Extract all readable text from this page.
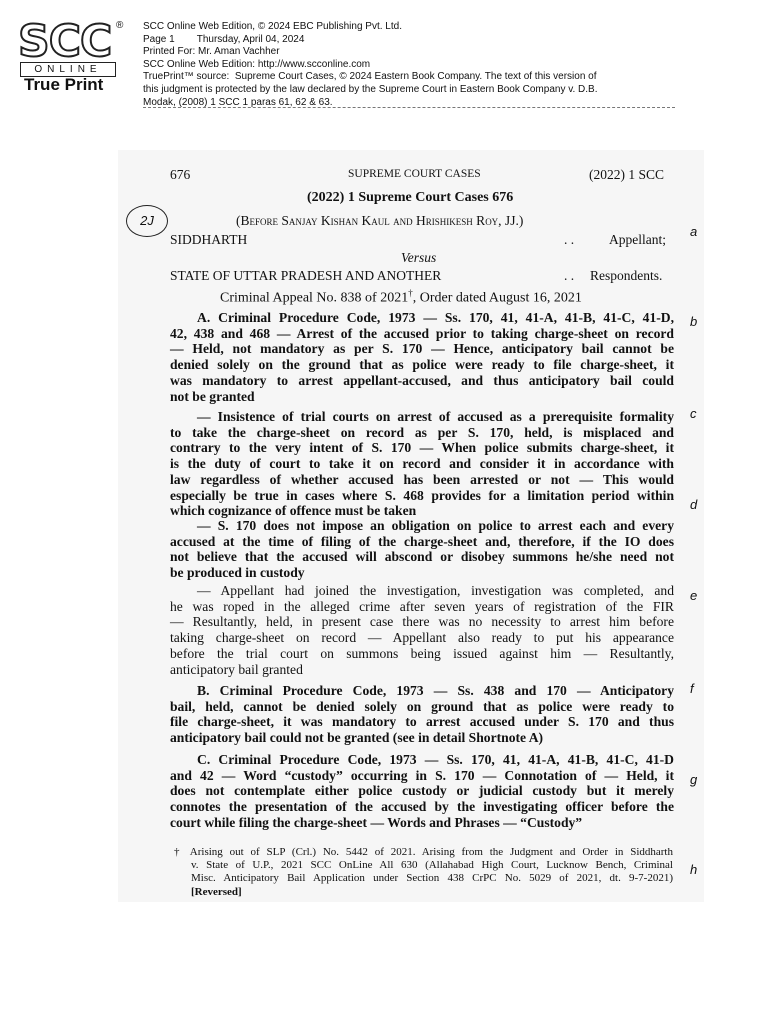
SCC ®
ONLINE
True Print
SCC Online Web Edition, © 2024 EBC Publishing Pvt. Ltd.
Page 1        Thursday, April 04, 2024
Printed For: Mr. Aman Vachher
SCC Online Web Edition: http://www.scconline.com
TruePrint™ source:  Supreme Court Cases, © 2024 Eastern Book Company. The text of this version of
this judgment is protected by the law declared by the Supreme Court in Eastern Book Company v. D.B.
Modak, (2008) 1 SCC 1 paras 61, 62 & 63.
676	SUPREME COURT CASES	(2022) 1 SCC
(2022) 1 Supreme Court Cases 676
2J	(Before Sanjay Kishan Kaul and Hrishikesh Roy, JJ.)
SIDDHARTH	. .	Appellant;
Versus
STATE OF UTTAR PRADESH AND ANOTHER	. . Respondents.
Criminal Appeal No. 838 of 2021†, Order dated August 16, 2021
a
b
c
d
e
f
g
h
A. Criminal Procedure Code, 1973 — Ss. 170, 41, 41-A, 41-B, 41-C, 41-D,
42, 438 and 468 — Arrest of the accused prior to taking charge-sheet on record
— Held, not mandatory as per S. 170 — Hence, anticipatory bail cannot be
denied solely on the ground that as police were ready to file charge-sheet, it
was mandatory to arrest appellant-accused, and thus anticipatory bail could
not be granted
— Insistence of trial courts on arrest of accused as a prerequisite formality
to take the charge-sheet on record as per S. 170, held, is misplaced and
contrary to the very intent of S. 170 — When police submits charge-sheet, it
is the duty of court to take it on record and consider it in accordance with
law regardless of whether accused has been arrested or not — This would
especially be true in cases where S. 468 provides for a limitation period within
which cognizance of offence must be taken
— S. 170 does not impose an obligation on police to arrest each and every
accused at the time of filing of the charge-sheet and, therefore, if the IO does
not believe that the accused will abscond or disobey summons he/she need not
be produced in custody
— Appellant had joined the investigation, investigation was completed, and
he was roped in the alleged crime after seven years of registration of the FIR
— Resultantly, held, in present case there was no necessity to arrest him before
taking charge-sheet on record — Appellant also ready to put his appearance
before the trial court on summons being issued against him — Resultantly,
anticipatory bail granted
B. Criminal Procedure Code, 1973 — Ss. 438 and 170 — Anticipatory
bail, held, cannot be denied solely on ground that as police were ready to
file charge-sheet, it was mandatory to arrest accused under S. 170 and thus
anticipatory bail could not be granted (see in detail Shortnote A)
C. Criminal Procedure Code, 1973 — Ss. 170, 41, 41-A, 41-B, 41-C, 41-D
and 42 — Word “custody” occurring in S. 170 — Connotation of — Held, it
does not contemplate either police custody or judicial custody but it merely
connotes the presentation of the accused by the investigating officer before the
court while filing the charge-sheet — Words and Phrases — “Custody”
† Arising out of SLP (Crl.) No. 5442 of 2021. Arising from the Judgment and Order in Siddharth
v. State of U.P., 2021 SCC OnLine All 630 (Allahabad High Court, Lucknow Bench, Criminal
Misc. Anticipatory Bail Application under Section 438 CrPC No. 5029 of 2021, dt. 9-7-2021)
[Reversed]
